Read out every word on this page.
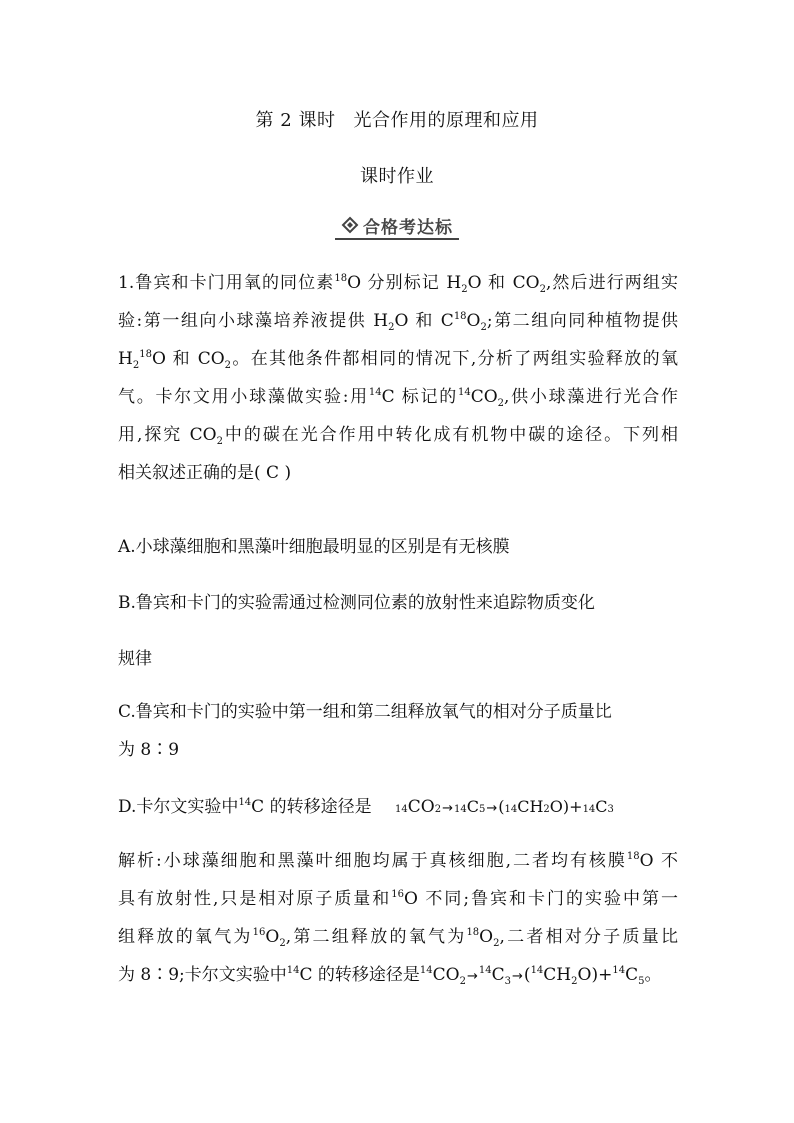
第 2 课时 光合作用的原理和应用
课时作业
合格考达标
1.鲁宾和卡门用氧的同位素$^{18}$O 分别标记 $H_2O$ 和 $CO_2$,然后进行两组实
验:第一组向小球藻培养液提供 $H_2O$ 和 $C^{18}O_2$;第二组向同种植物提供
$H_2^{18}O$ 和 $CO_2$。在其他条件都相同的情况下,分析了两组实验释放的氧
气。卡尔文用小球藻做实验:用$^{14}$C 标记的$^{14}CO_2$,供小球藻进行光合作
用,探究 $CO_2$中的碳在光合作用中转化成有机物中碳的途径。下列相
相关叙述正确的是( C )
A.小球藻细胞和黑藻叶细胞最明显的区别是有无核膜
B.鲁宾和卡门的实验需通过检测同位素的放射性来追踪物质变化
规律
C.鲁宾和卡门的实验中第一组和第二组释放氧气的相对分子质量比
为 8∶9
D.卡尔文实验中$^{14}$C 的转移途径是 14 CO 2 → 14 C 5 → ( 14 CH 2 O) + 14 C 3
解析:小球藻细胞和黑藻叶细胞均属于真核细胞,二者均有核膜$^{18}$O 不
具有放射性,只是相对原子质量和$^{16}$O 不同;鲁宾和卡门的实验中第一
组释放的氧气为$^{16}O_2$,第二组释放的氧气为$^{18}O_2$,二者相对分子质量比
为 8∶9;卡尔文实验中$^{14}$C 的转移途径是$^{14}CO_2\to^{14}C_3\to(^{14}CH_2O)+^{14}C_5$。
